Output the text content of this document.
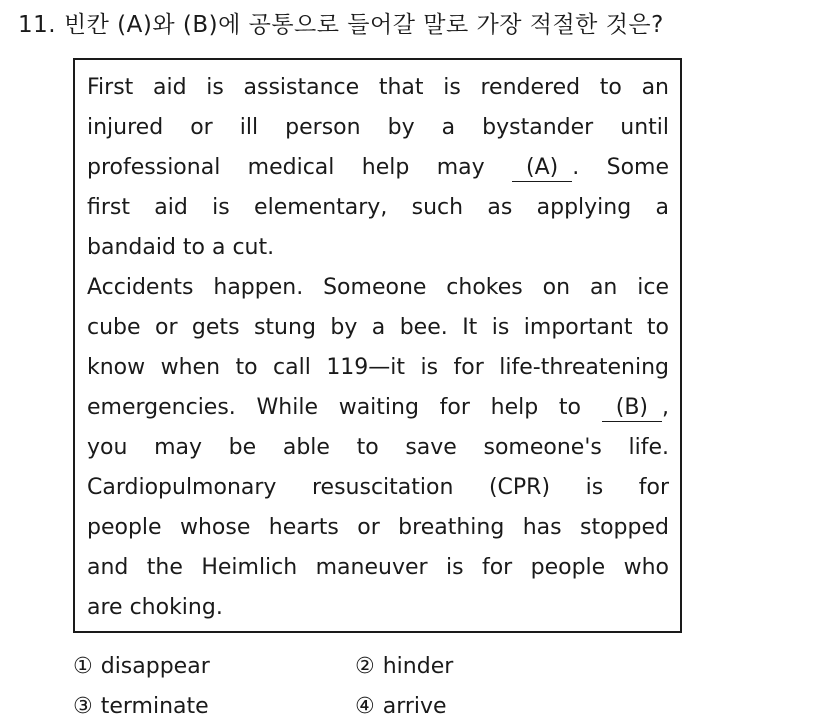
11. 빈칸 (A)와 (B)에 공통으로 들어갈 말로 가장 적절한 것은?
First aid is assistance that is rendered to an
injured or ill person by a bystander until
professional medical help may (A) . Some
first aid is elementary, such as applying a
bandaid to a cut.
Accidents happen. Someone chokes on an ice
cube or gets stung by a bee. It is important to
know when to call 119—it is for life-threatening
emergencies. While waiting for help to (B) ,
you may be able to save someone's life.
Cardiopulmonary resuscitation (CPR) is for
people whose hearts or breathing has stopped
and the Heimlich maneuver is for people who
are choking.
① disappear	② hinder
③ terminate	④ arrive
